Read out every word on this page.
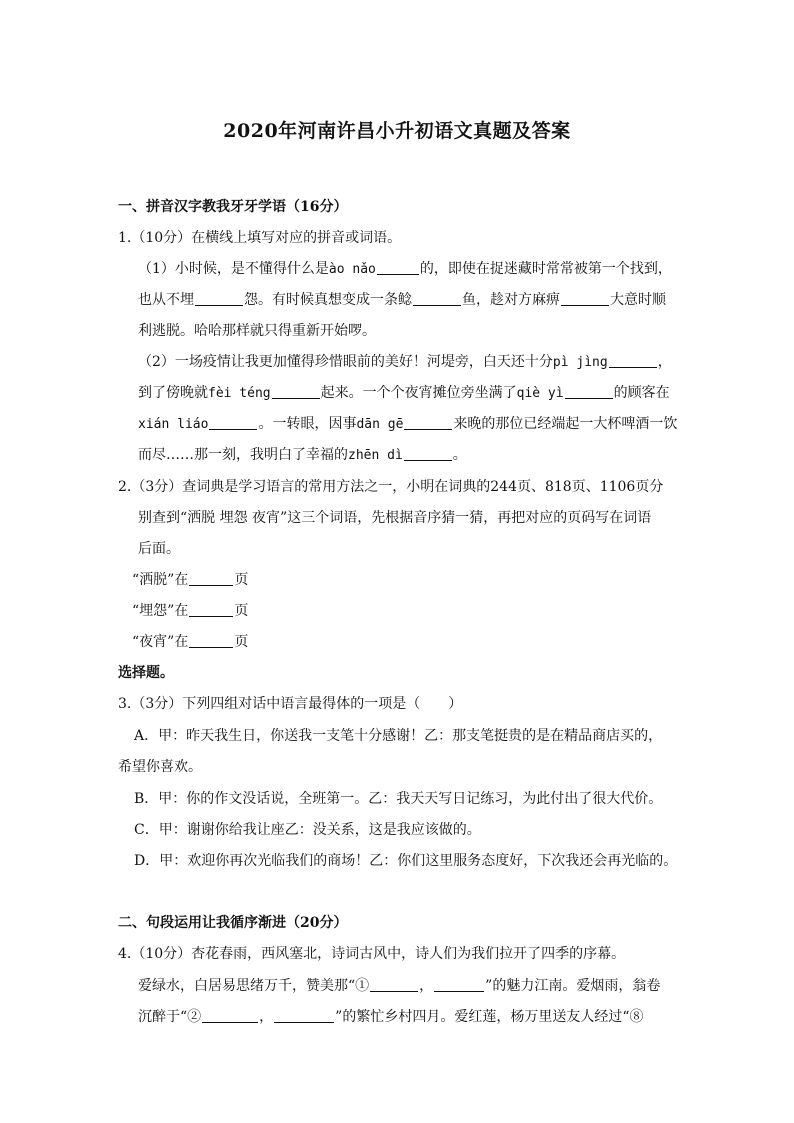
2020年河南许昌小升初语文真题及答案
一、拼音汉字教我牙牙学语（16分）
1.（10分）在横线上填写对应的拼音或词语。
（1）小时候，是不懂得什么是ào nǎo	的，即使在捉迷藏时常常被第一个找到，
也从不埋	怨。有时候真想变成一条鲶	鱼，趁对方麻痹	大意时顺
利逃脱。哈哈那样就只得重新开始啰。
（2）一场疫情让我更加懂得珍惜眼前的美好！河堤旁，白天还十分pì jìng	，
到了傍晚就fèi téng	起来。一个个夜宵摊位旁坐满了qiè yì	的顾客在
xián liáo	。一转眼，因事dān gē	来晚的那位已经端起一大杯啤酒一饮
而尽……那一刻，我明白了幸福的zhēn dì	。
2.（3分）查词典是学习语言的常用方法之一，小明在词典的244页、818页、1106页分
别查到“洒脱 埋怨 夜宵”这三个词语，先根据音序猜一猜，再把对应的页码写在词语
后面。
“洒脱”在	页
“埋怨”在	页
“夜宵”在	页
选择题。
3.（3分）下列四组对话中语言最得体的一项是（　　）
A．甲：昨天我生日，你送我一支笔十分感谢！乙：那支笔挺贵的是在精品商店买的，
希望你喜欢。
B．甲：你的作文没话说，全班第一。乙：我天天写日记练习，为此付出了很大代价。
C．甲：谢谢你给我让座乙：没关系，这是我应该做的。
D．甲：欢迎你再次光临我们的商场！乙：你们这里服务态度好，下次我还会再光临的。
二、句段运用让我循序渐进（20分）
4.（10分）杏花春雨，西风塞北，诗词古风中，诗人们为我们拉开了四季的序幕。
爱绿水，白居易思绪万千，赞美那“①	，	”的魅力江南。爱烟雨，翁卷
沉醉于“②	，	”的繁忙乡村四月。爱红莲，杨万里送友人经过“⑧
